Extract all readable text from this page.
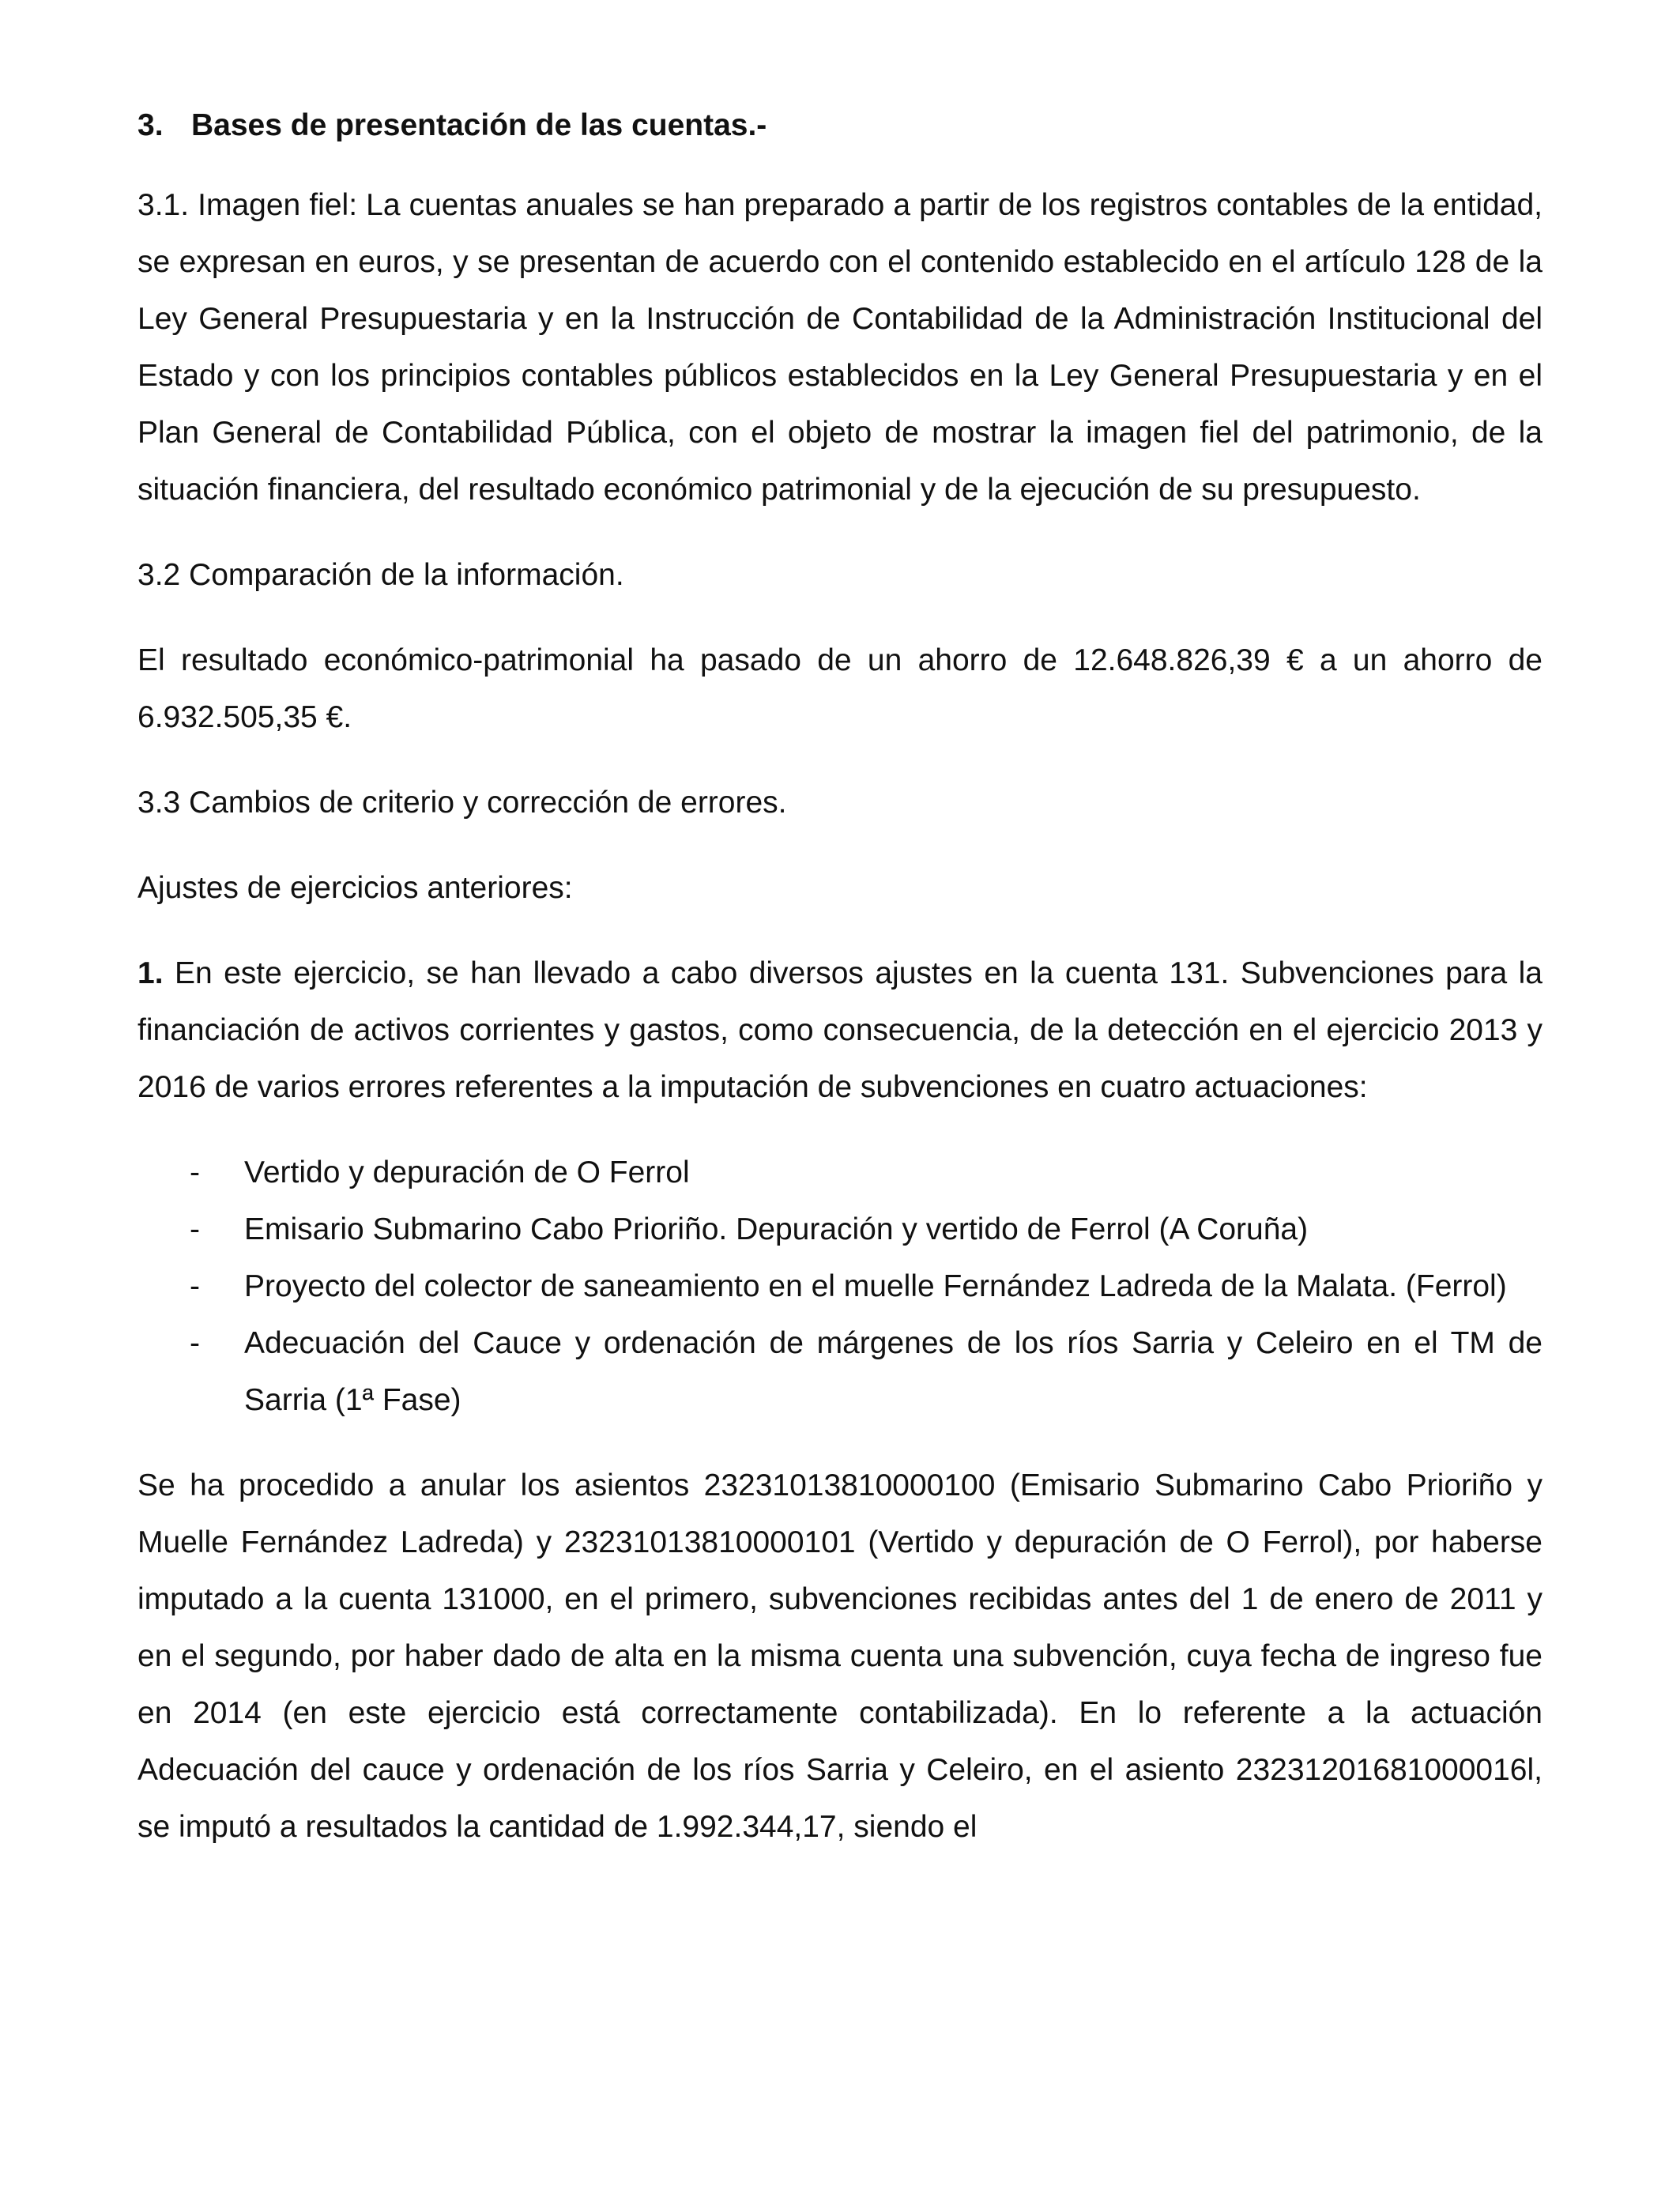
3. Bases de presentación de las cuentas.-

3.1. Imagen fiel: La cuentas anuales se han preparado a partir de los registros contables de la entidad, se expresan en euros, y se presentan de acuerdo con el contenido establecido en el artículo 128 de la Ley General Presupuestaria y en la Instrucción de Contabilidad de la Administración Institucional del Estado y con los principios contables públicos establecidos en la Ley General Presupuestaria y en el Plan General de Contabilidad Pública, con el objeto de mostrar la imagen fiel del patrimonio, de la situación financiera, del resultado económico patrimonial y de la ejecución de su presupuesto.

3.2 Comparación de la información.

El resultado económico-patrimonial ha pasado de un ahorro de 12.648.826,39 € a un ahorro de 6.932.505,35 €.

3.3 Cambios de criterio y corrección de errores.

Ajustes de ejercicios anteriores:

1. En este ejercicio, se han llevado a cabo diversos ajustes en la cuenta 131. Subvenciones para la financiación de activos corrientes y gastos, como consecuencia, de la detección en el ejercicio 2013 y 2016 de varios errores referentes a la imputación de subvenciones en cuatro actuaciones:

- Vertido y depuración de O Ferrol
- Emisario Submarino Cabo Prioriño. Depuración y vertido de Ferrol (A Coruña)
- Proyecto del colector de saneamiento en el muelle Fernández Ladreda de la Malata. (Ferrol)
- Adecuación del Cauce y ordenación de márgenes de los ríos Sarria y Celeiro en el TM de Sarria (1ª Fase)

Se ha procedido a anular los asientos 23231013810000100 (Emisario Submarino Cabo Prioriño y Muelle Fernández Ladreda) y 23231013810000101 (Vertido y depuración de O Ferrol), por haberse imputado a la cuenta 131000, en el primero, subvenciones recibidas antes del 1 de enero de 2011 y en el segundo, por haber dado de alta en la misma cuenta una subvención, cuya fecha de ingreso fue en 2014 (en este ejercicio está correctamente contabilizada). En lo referente a la actuación Adecuación del cauce y ordenación de los ríos Sarria y Celeiro, en el asiento 23231201681000016l, se imputó a resultados la cantidad de 1.992.344,17, siendo el
